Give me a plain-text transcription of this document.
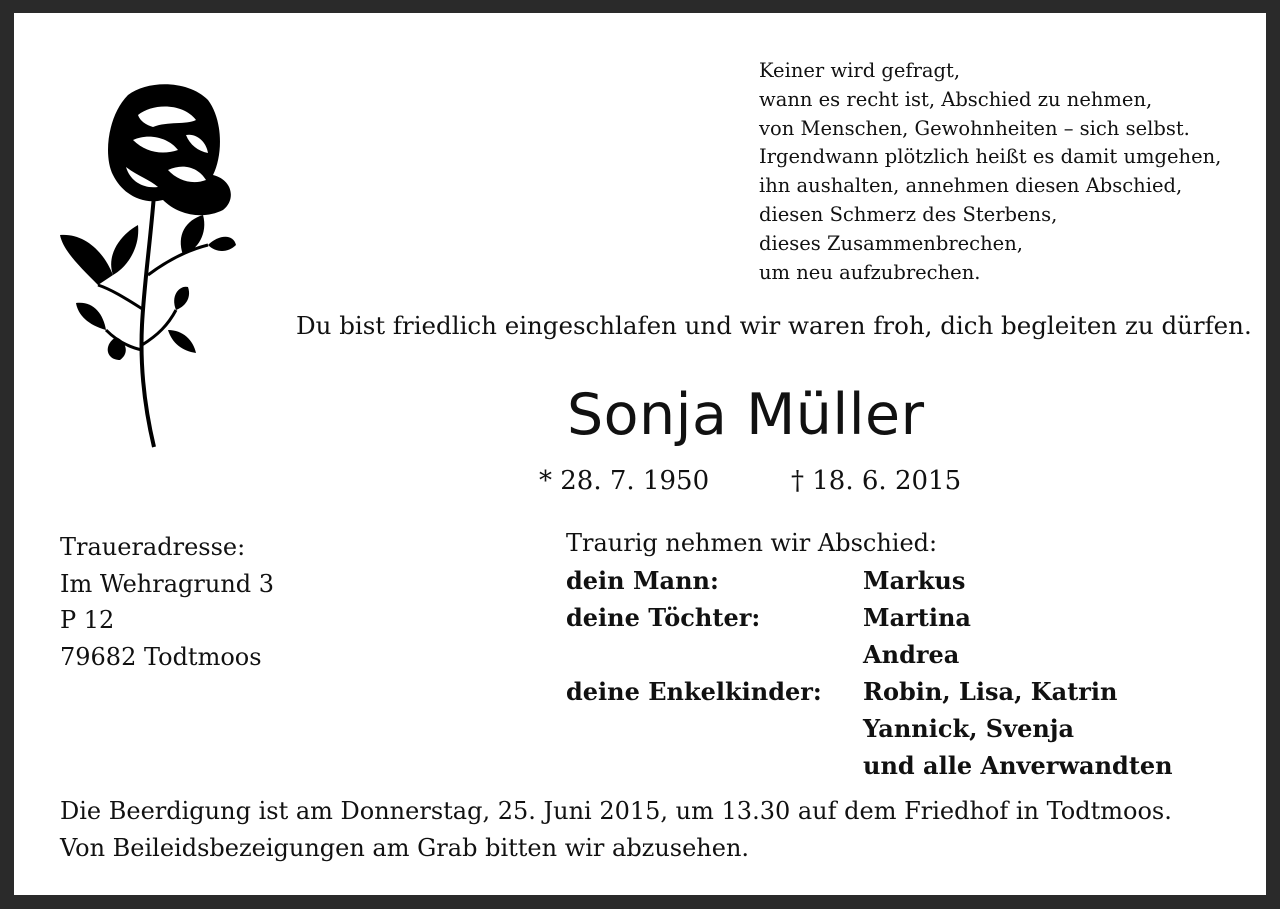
Keiner wird gefragt,
wann es recht ist, Abschied zu nehmen,
von Menschen, Gewohnheiten – sich selbst.
Irgendwann plötzlich heißt es damit umgehen,
ihn aushalten, annehmen diesen Abschied,
diesen Schmerz des Sterbens,
dieses Zusammenbrechen,
um neu aufzubrechen.
Du bist friedlich eingeschlafen und wir waren froh, dich begleiten zu dürfen.
Sonja Müller
* 28. 7. 1950	† 18. 6. 2015
Traueradresse:
Im Wehragrund 3
P 12
79682 Todtmoos
Traurig nehmen wir Abschied:
dein Mann:	Markus
deine Töchter:	Martina
Andrea
deine Enkelkinder: Robin, Lisa, Katrin
Yannick, Svenja
und alle Anverwandten
Die Beerdigung ist am Donnerstag, 25. Juni 2015, um 13.30 auf dem Friedhof in Todtmoos.
Von Beileidsbezeigungen am Grab bitten wir abzusehen.
